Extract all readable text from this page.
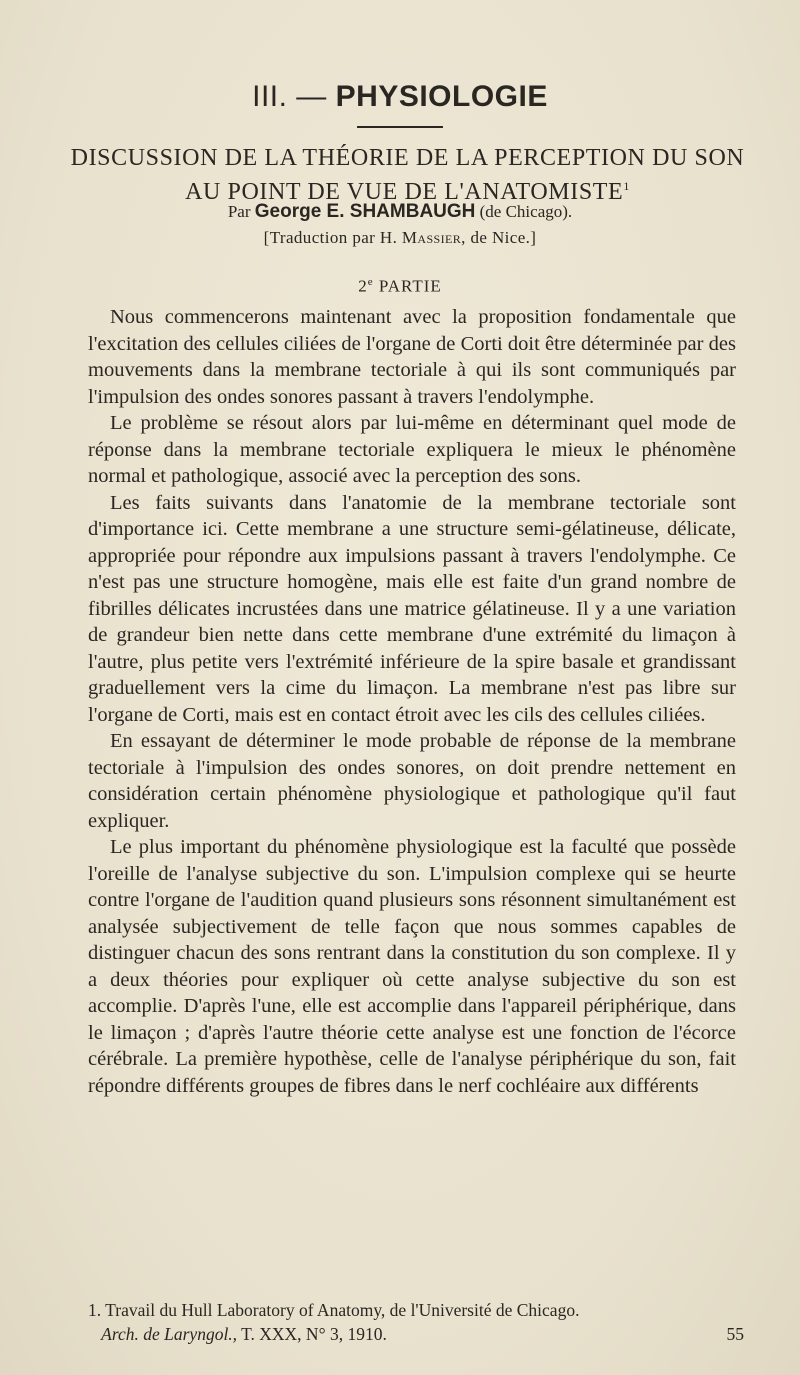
III. — PHYSIOLOGIE
DISCUSSION DE LA THÉORIE DE LA PERCEPTION DU SON AU POINT DE VUE DE L'ANATOMISTE$^1$
Par George E. SHAMBAUGH (de Chicago).
[Traduction par H. Massier, de Nice.]
2e PARTIE

Nous commencerons maintenant avec la proposition fondamentale que l'excitation des cellules ciliées de l'organe de Corti doit être déterminée par des mouvements dans la membrane tectoriale à qui ils sont communiqués par l'impulsion des ondes sonores passant à travers l'endolymphe.

Le problème se résout alors par lui-même en déterminant quel mode de réponse dans la membrane tectoriale expliquera le mieux le phénomène normal et pathologique, associé avec la perception des sons.

Les faits suivants dans l'anatomie de la membrane tectoriale sont d'importance ici. Cette membrane a une structure semi-gélatineuse, délicate, appropriée pour répondre aux impulsions passant à travers l'endolymphe. Ce n'est pas une structure homogène, mais elle est faite d'un grand nombre de fibrilles délicates incrustées dans une matrice gélatineuse. Il y a une variation de grandeur bien nette dans cette membrane d'une extrémité du limaçon à l'autre, plus petite vers l'extrémité inférieure de la spire basale et grandissant graduellement vers la cime du limaçon. La membrane n'est pas libre sur l'organe de Corti, mais est en contact étroit avec les cils des cellules ciliées.

En essayant de déterminer le mode probable de réponse de la membrane tectoriale à l'impulsion des ondes sonores, on doit prendre nettement en considération certain phénomène physiologique et pathologique qu'il faut expliquer.

Le plus important du phénomène physiologique est la faculté que possède l'oreille de l'analyse subjective du son. L'impulsion complexe qui se heurte contre l'organe de l'audition quand plusieurs sons résonnent simultanément est analysée subjectivement de telle façon que nous sommes capables de distinguer chacun des sons rentrant dans la constitution du son complexe. Il y a deux théories pour expliquer où cette analyse subjective du son est accomplie. D'après l'une, elle est accomplie dans l'appareil périphérique, dans le limaçon ; d'après l'autre théorie cette analyse est une fonction de l'écorce cérébrale. La première hypothèse, celle de l'analyse périphérique du son, fait répondre différents groupes de fibres dans le nerf cochléaire aux différents

1. Travail du Hull Laboratory of Anatomy, de l'Université de Chicago.
Arch. de Laryngol., T. XXX, N° 3, 1910.	55
